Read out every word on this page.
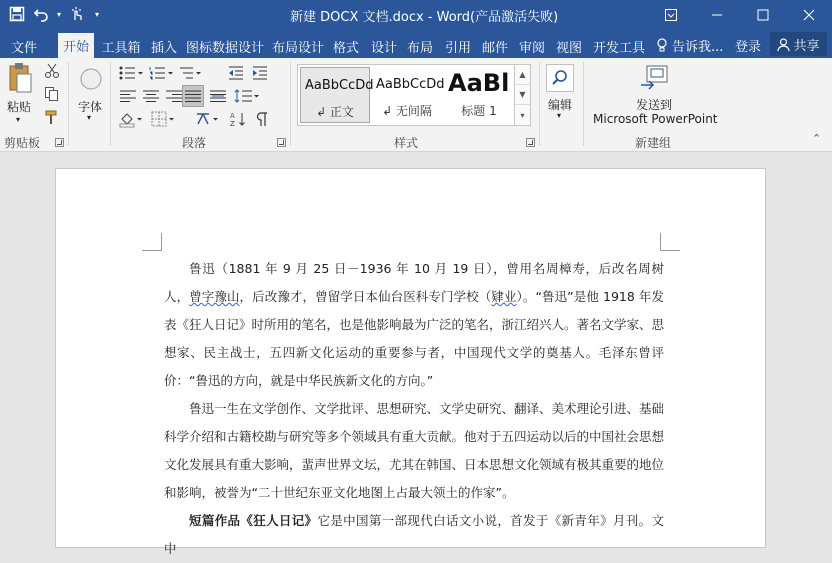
▾	▾	新建 DOCX 文档.docx - Word(产品激活失败)
文件	开始 工具箱 插入 图标数据设计 布局设计 格式 设计 布局 引用 邮件 审阅 视图 开发工具 告诉我... 登录 共享
粘贴
▾
剪贴板
字体
▾	A
Z
段落
AaBbCcDd
↲ 正文
AaBbCcDd
↲ 无间隔
AaBl
标题 1
▲
▼
▾
样式
编辑
▾
发送到
Microsoft PowerPoint
新建组	⌃
鲁迅（1881 年 9 月 25 日－1936 年 10 月 19 日），曾用名周樟寿，后改名周树人，曾字豫山，后改豫才，曾留学日本仙台医科专门学校（肄业）。“鲁迅”是他 1918 年发表《狂人日记》时所用的笔名，也是他影响最为广泛的笔名，浙江绍兴人。著名文学家、思想家、民主战士，五四新文化运动的重要参与者，中国现代文学的奠基人。毛泽东曾评价：“鲁迅的方向，就是中华民族新文化的方向。”
鲁迅一生在文学创作、文学批评、思想研究、文学史研究、翻译、美术理论引进、基础科学介绍和古籍校勘与研究等多个领域具有重大贡献。他对于五四运动以后的中国社会思想文化发展具有重大影响，蜚声世界文坛，尤其在韩国、日本思想文化领域有极其重要的地位和影响，被誉为“二十世纪东亚文化地图上占最大领土的作家”。
短篇作品《狂人日记》它是中国第一部现代白话文小说，首发于《新青年》月刊。文中
